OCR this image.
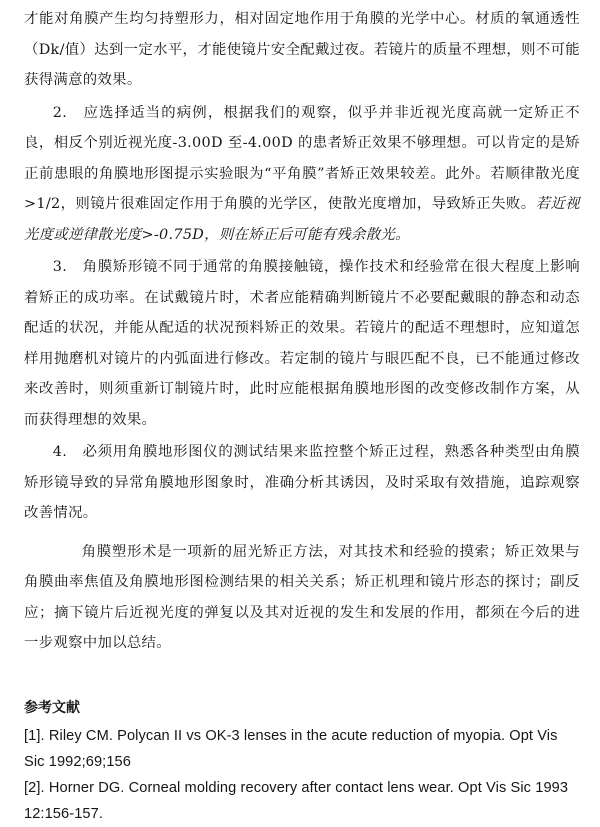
才能对角膜产生均匀持塑形力，相对固定地作用于角膜的光学中心。材质的氧通透性（Dk/值）达到一定水平，才能使镜片安全配戴过夜。若镜片的质量不理想，则不可能获得满意的效果。

2.　应选择适当的病例，根据我们的观察，似乎并非近视光度高就一定矫正不良，相反个别近视光度-3.00D 至-4.00D 的患者矫正效果不够理想。可以肯定的是矫正前患眼的角膜地形图提示实验眼为“平角膜”者矫正效果较差。此外。若顺律散光度>1/2，则镜片很难固定作用于角膜的光学区，使散光度增加，导致矫正失败。若近视光度或逆律散光度>-0.75D，则在矫正后可能有残余散光。

3.　角膜矫形镜不同于通常的角膜接触镜，操作技术和经验常在很大程度上影响着矫正的成功率。在试戴镜片时，术者应能精确判断镜片不必要配戴眼的静态和动态配适的状况，并能从配适的状况预料矫正的效果。若镜片的配适不理想时，应知道怎样用抛磨机对镜片的内弧面进行修改。若定制的镜片与眼匹配不良，已不能通过修改来改善时，则须重新订制镜片时，此时应能根据角膜地形图的改变修改制作方案，从而获得理想的效果。

4.　必须用角膜地形图仪的测试结果来监控整个矫正过程，熟悉各种类型由角膜矫形镜导致的异常角膜地形图象时，准确分析其诱因，及时采取有效措施，追踪观察改善情况。

角膜塑形术是一项新的屈光矫正方法，对其技术和经验的摸索；矫正效果与角膜曲率焦值及角膜地形图检测结果的相关关系；矫正机理和镜片形态的探讨；副反应；摘下镜片后近视光度的弹复以及其对近视的发生和发展的作用，都须在今后的进一步观察中加以总结。

参考文献

[1]. Riley CM. Polycan II vs OK-3 lenses in the acute reduction of myopia. Opt Vis Sic 1992;69;156

[2]. Horner DG. Corneal molding recovery after contact lens wear. Opt Vis Sic 1993 12:156-157.
